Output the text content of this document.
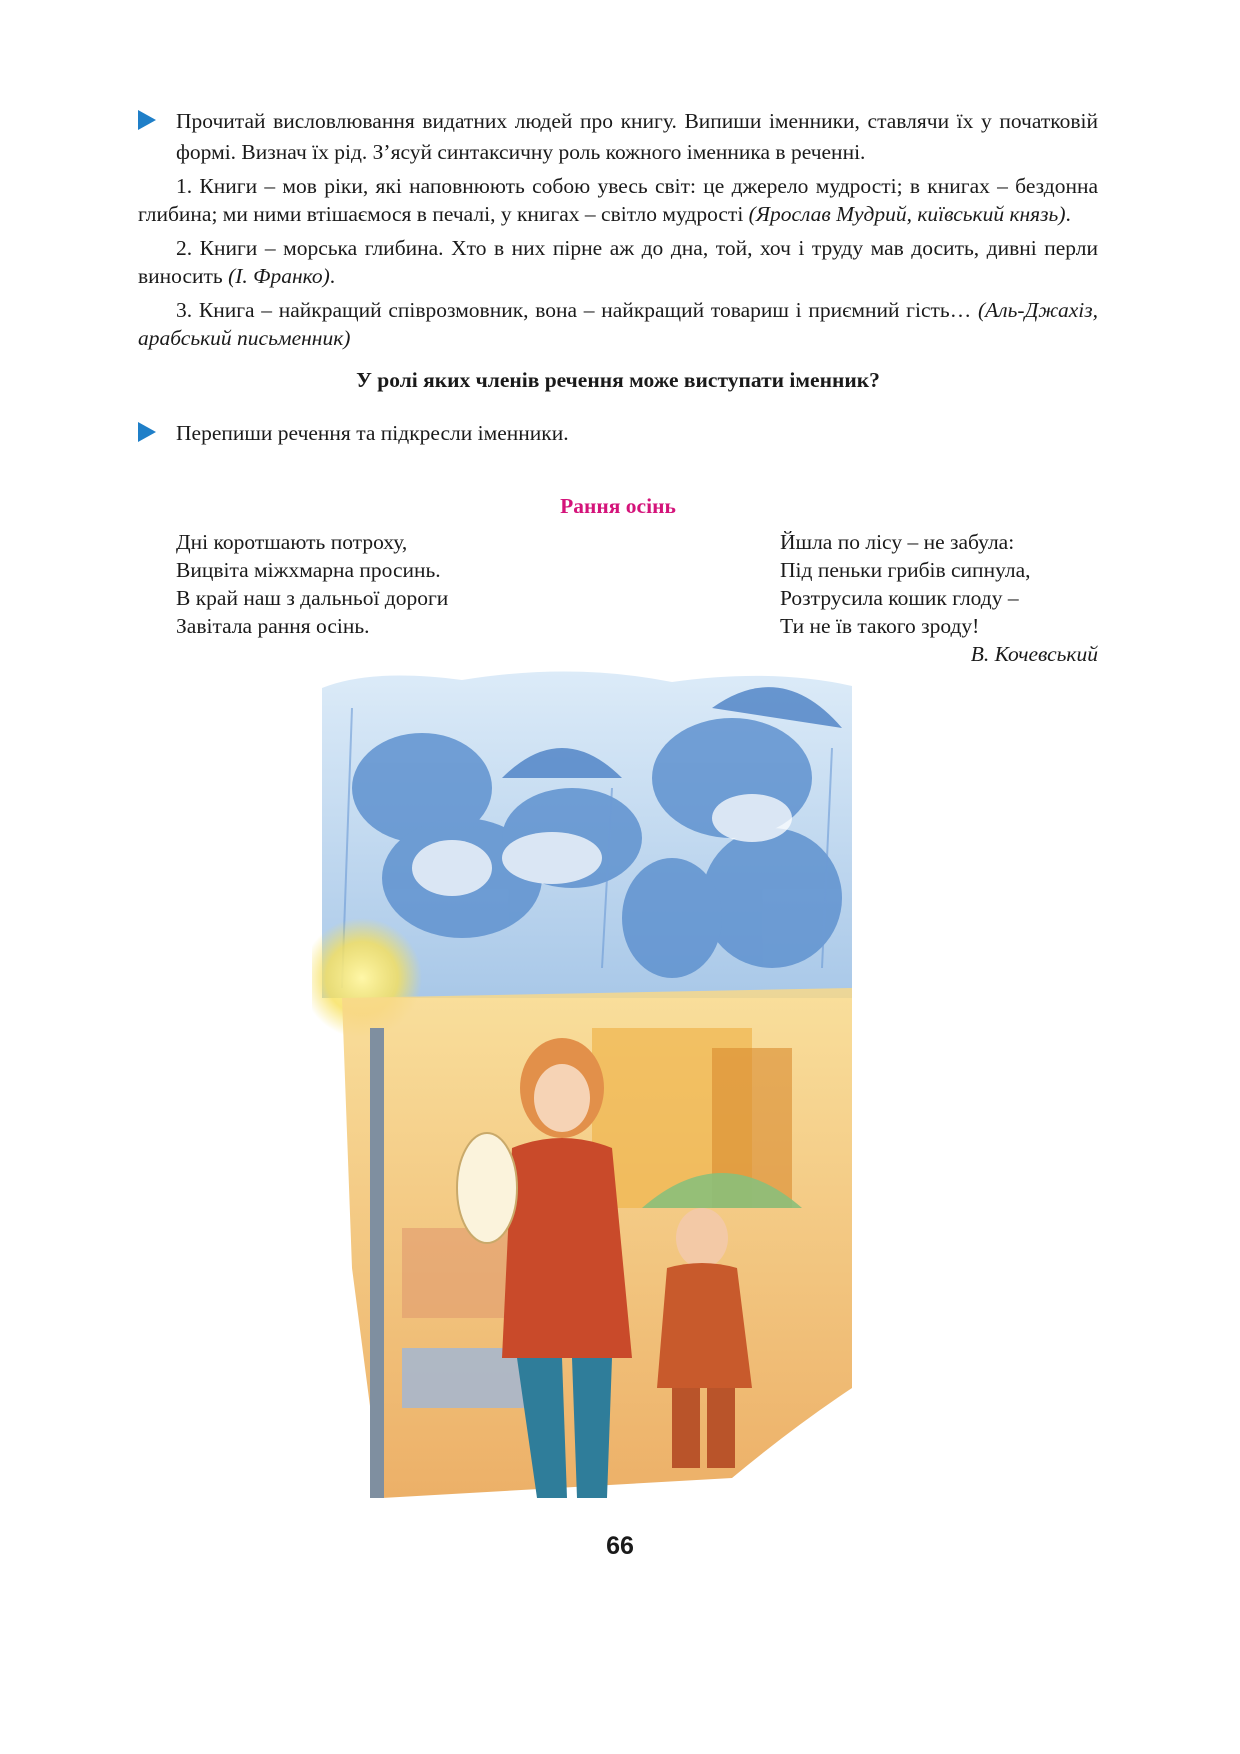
Прочитай висловлювання видатних людей про книгу. Випиши іменники, ставлячи їх у початковій формі. Визнач їх рід. З’ясуй синтаксичну роль кожного іменника в реченні.

1. Книги – мов ріки, які наповнюють собою увесь світ: це джерело мудрості; в книгах – бездонна глибина; ми ними втішаємося в печалі, у книгах – світло мудрості (Ярослав Мудрий, київський князь).

2. Книги – морська глибина. Хто в них пірне аж до дна, той, хоч і труду мав досить, дивні перли виносить (І. Франко).

3. Книга – найкращий співрозмовник, вона – найкращий товариш і приємний гість… (Аль-Джахіз, арабський письменник)

У ролі яких членів речення може виступати іменник?
Перепиши речення та підкресли іменники.
Рання осінь
Дні коротшають потроху,
Вицвіта міжхмарна просинь.
В край наш з дальньої дороги
Завітала рання осінь.
Йшла по лісу – не забула:
Під пеньки грибів сипнула,
Розтрусила кошик глоду –
Ти не їв такого зроду!
В. Кочевський
66
